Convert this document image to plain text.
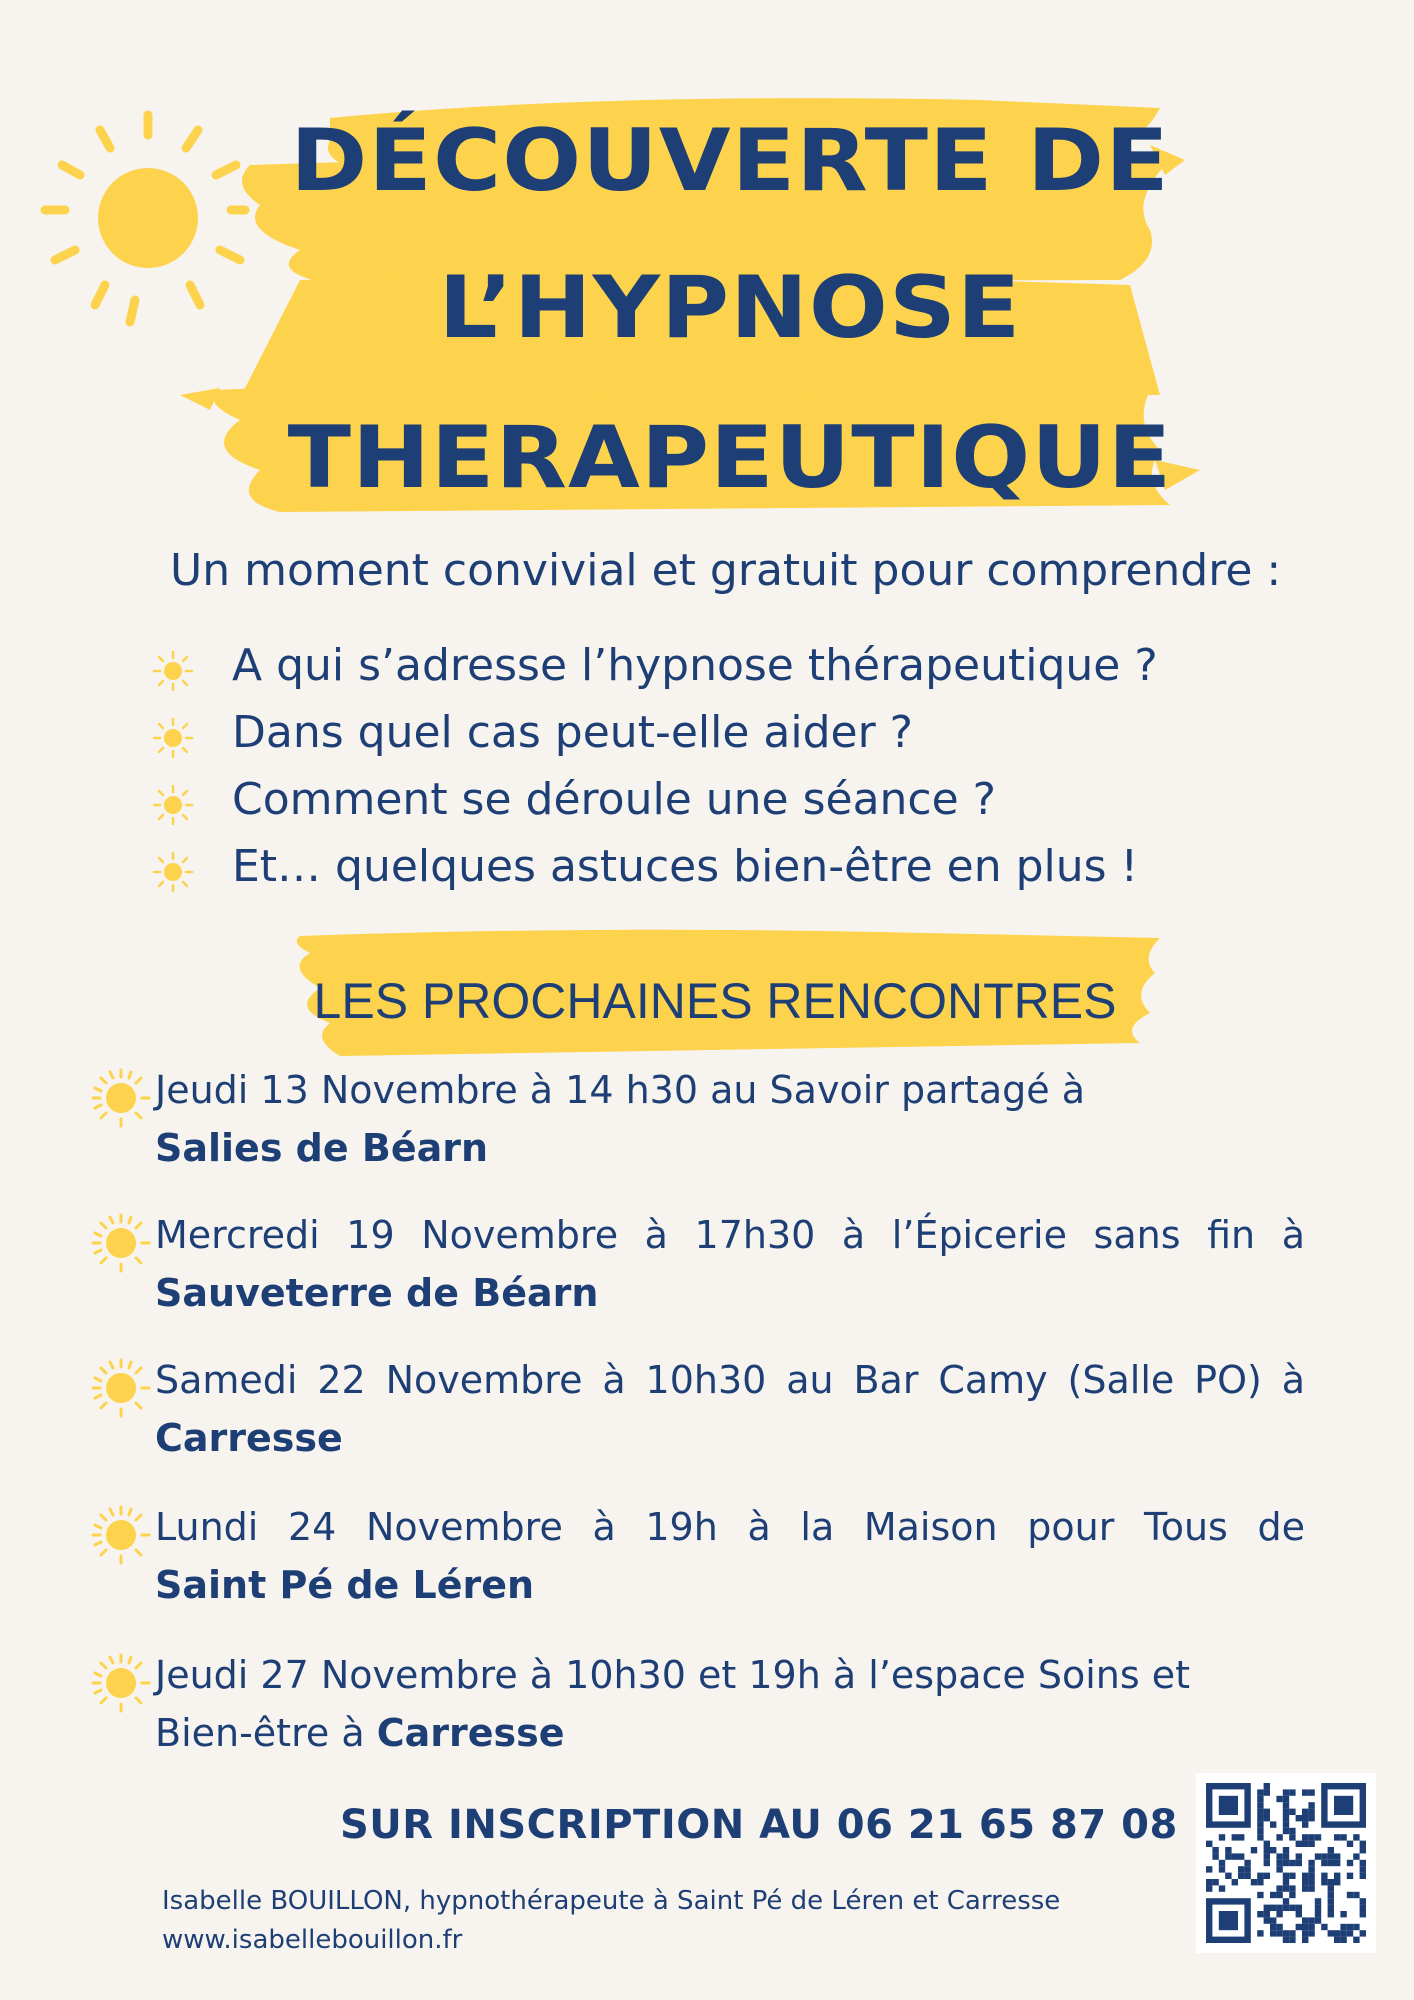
DÉCOUVERTE DE
L’HYPNOSE
THERAPEUTIQUE
Un moment convivial et gratuit pour comprendre :
A qui s’adresse l’hypnose thérapeutique ?
Dans quel cas peut-elle aider ?
Comment se déroule une séance ?
Et… quelques astuces bien-être en plus !
LES PROCHAINES RENCONTRES
Jeudi 13 Novembre à 14 h30 au Savoir partagé à
Salies de Béarn
Mercredi 19 Novembre à 17h30 à l’Épicerie sans fin à
Sauveterre de Béarn
Samedi 22 Novembre à 10h30 au Bar Camy (Salle PO) à
Carresse
Lundi 24 Novembre à 19h à la Maison pour Tous de
Saint Pé de Léren
Jeudi 27 Novembre à 10h30 et 19h à l’espace Soins et
Bien-être à Carresse
SUR INSCRIPTION AU 06 21 65 87 08
Isabelle BOUILLON, hypnothérapeute à Saint Pé de Léren et Carresse
www.isabellebouillon.fr
